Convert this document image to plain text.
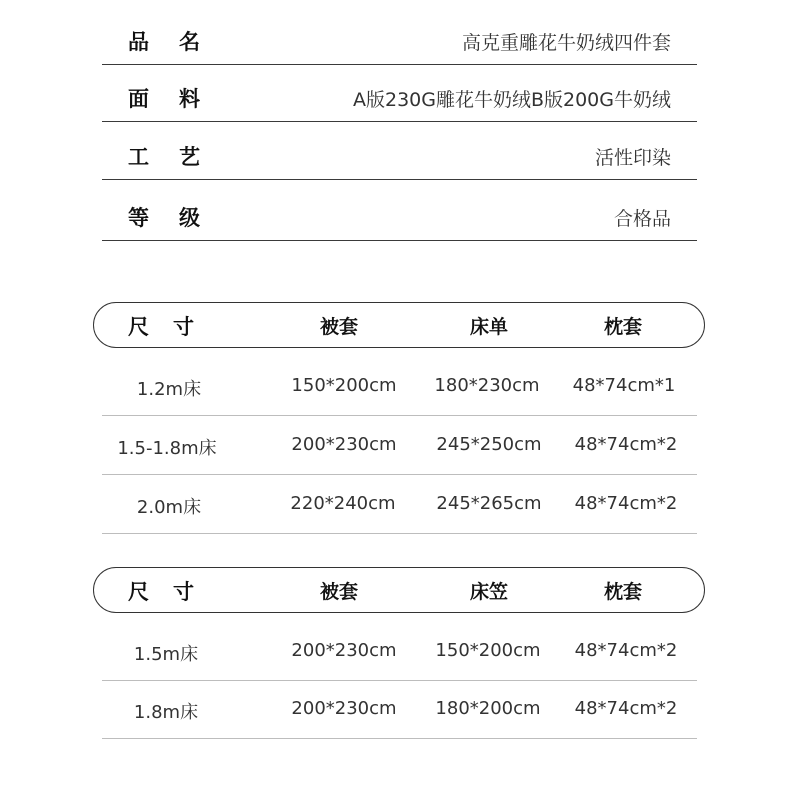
品 名	高克重雕花牛奶绒四件套
面 料	A版230G雕花牛奶绒B版200G牛奶绒
工 艺	活性印染
等 级	合格品
尺 寸	被套	床单	枕套
1.2m床	150*200cm 180*230cm 48*74cm*1
1.5-1.8m床	200*230cm 245*250cm 48*74cm*2
2.0m床	220*240cm 245*265cm 48*74cm*2
尺 寸	被套	床笠	枕套
1.5m床	200*230cm 150*200cm 48*74cm*2
1.8m床	200*230cm 180*200cm 48*74cm*2
